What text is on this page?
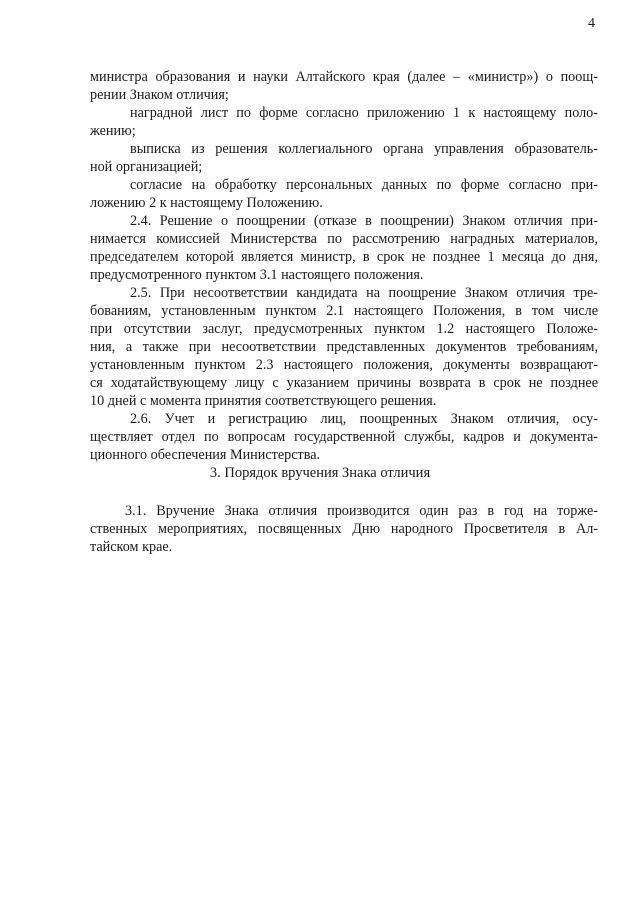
4
министра образования и науки Алтайского края (далее – «министр») о поощ-
рении Знаком отличия;
наградной лист по форме согласно приложению 1 к настоящему поло-
жению;
выписка из решения коллегиального органа управления образователь-
ной организацией;
согласие на обработку персональных данных по форме согласно при-
ложению 2 к настоящему Положению.
2.4. Решение о поощрении (отказе в поощрении) Знаком отличия при-
нимается комиссией Министерства по рассмотрению наградных материалов,
председателем которой является министр, в срок не позднее 1 месяца до дня,
предусмотренного пунктом 3.1 настоящего положения.
2.5. При несоответствии кандидата на поощрение Знаком отличия тре-
бованиям, установленным пунктом 2.1 настоящего Положения, в том числе
при отсутствии заслуг, предусмотренных пунктом 1.2 настоящего Положе-
ния, а также при несоответствии представленных документов требованиям,
установленным пунктом 2.3 настоящего положения, документы возвращают-
ся ходатайствующему лицу с указанием причины возврата в срок не позднее
10 дней с момента принятия соответствующего решения.
2.6. Учет и регистрацию лиц, поощренных Знаком отличия, осу-
ществляет отдел по вопросам государственной службы, кадров и документа-
ционного обеспечения Министерства.
3. Порядок вручения Знака отличия
3.1. Вручение Знака отличия производится один раз в год на торже-
ственных мероприятиях, посвященных Дню народного Просветителя в Ал-
тайском крае.
